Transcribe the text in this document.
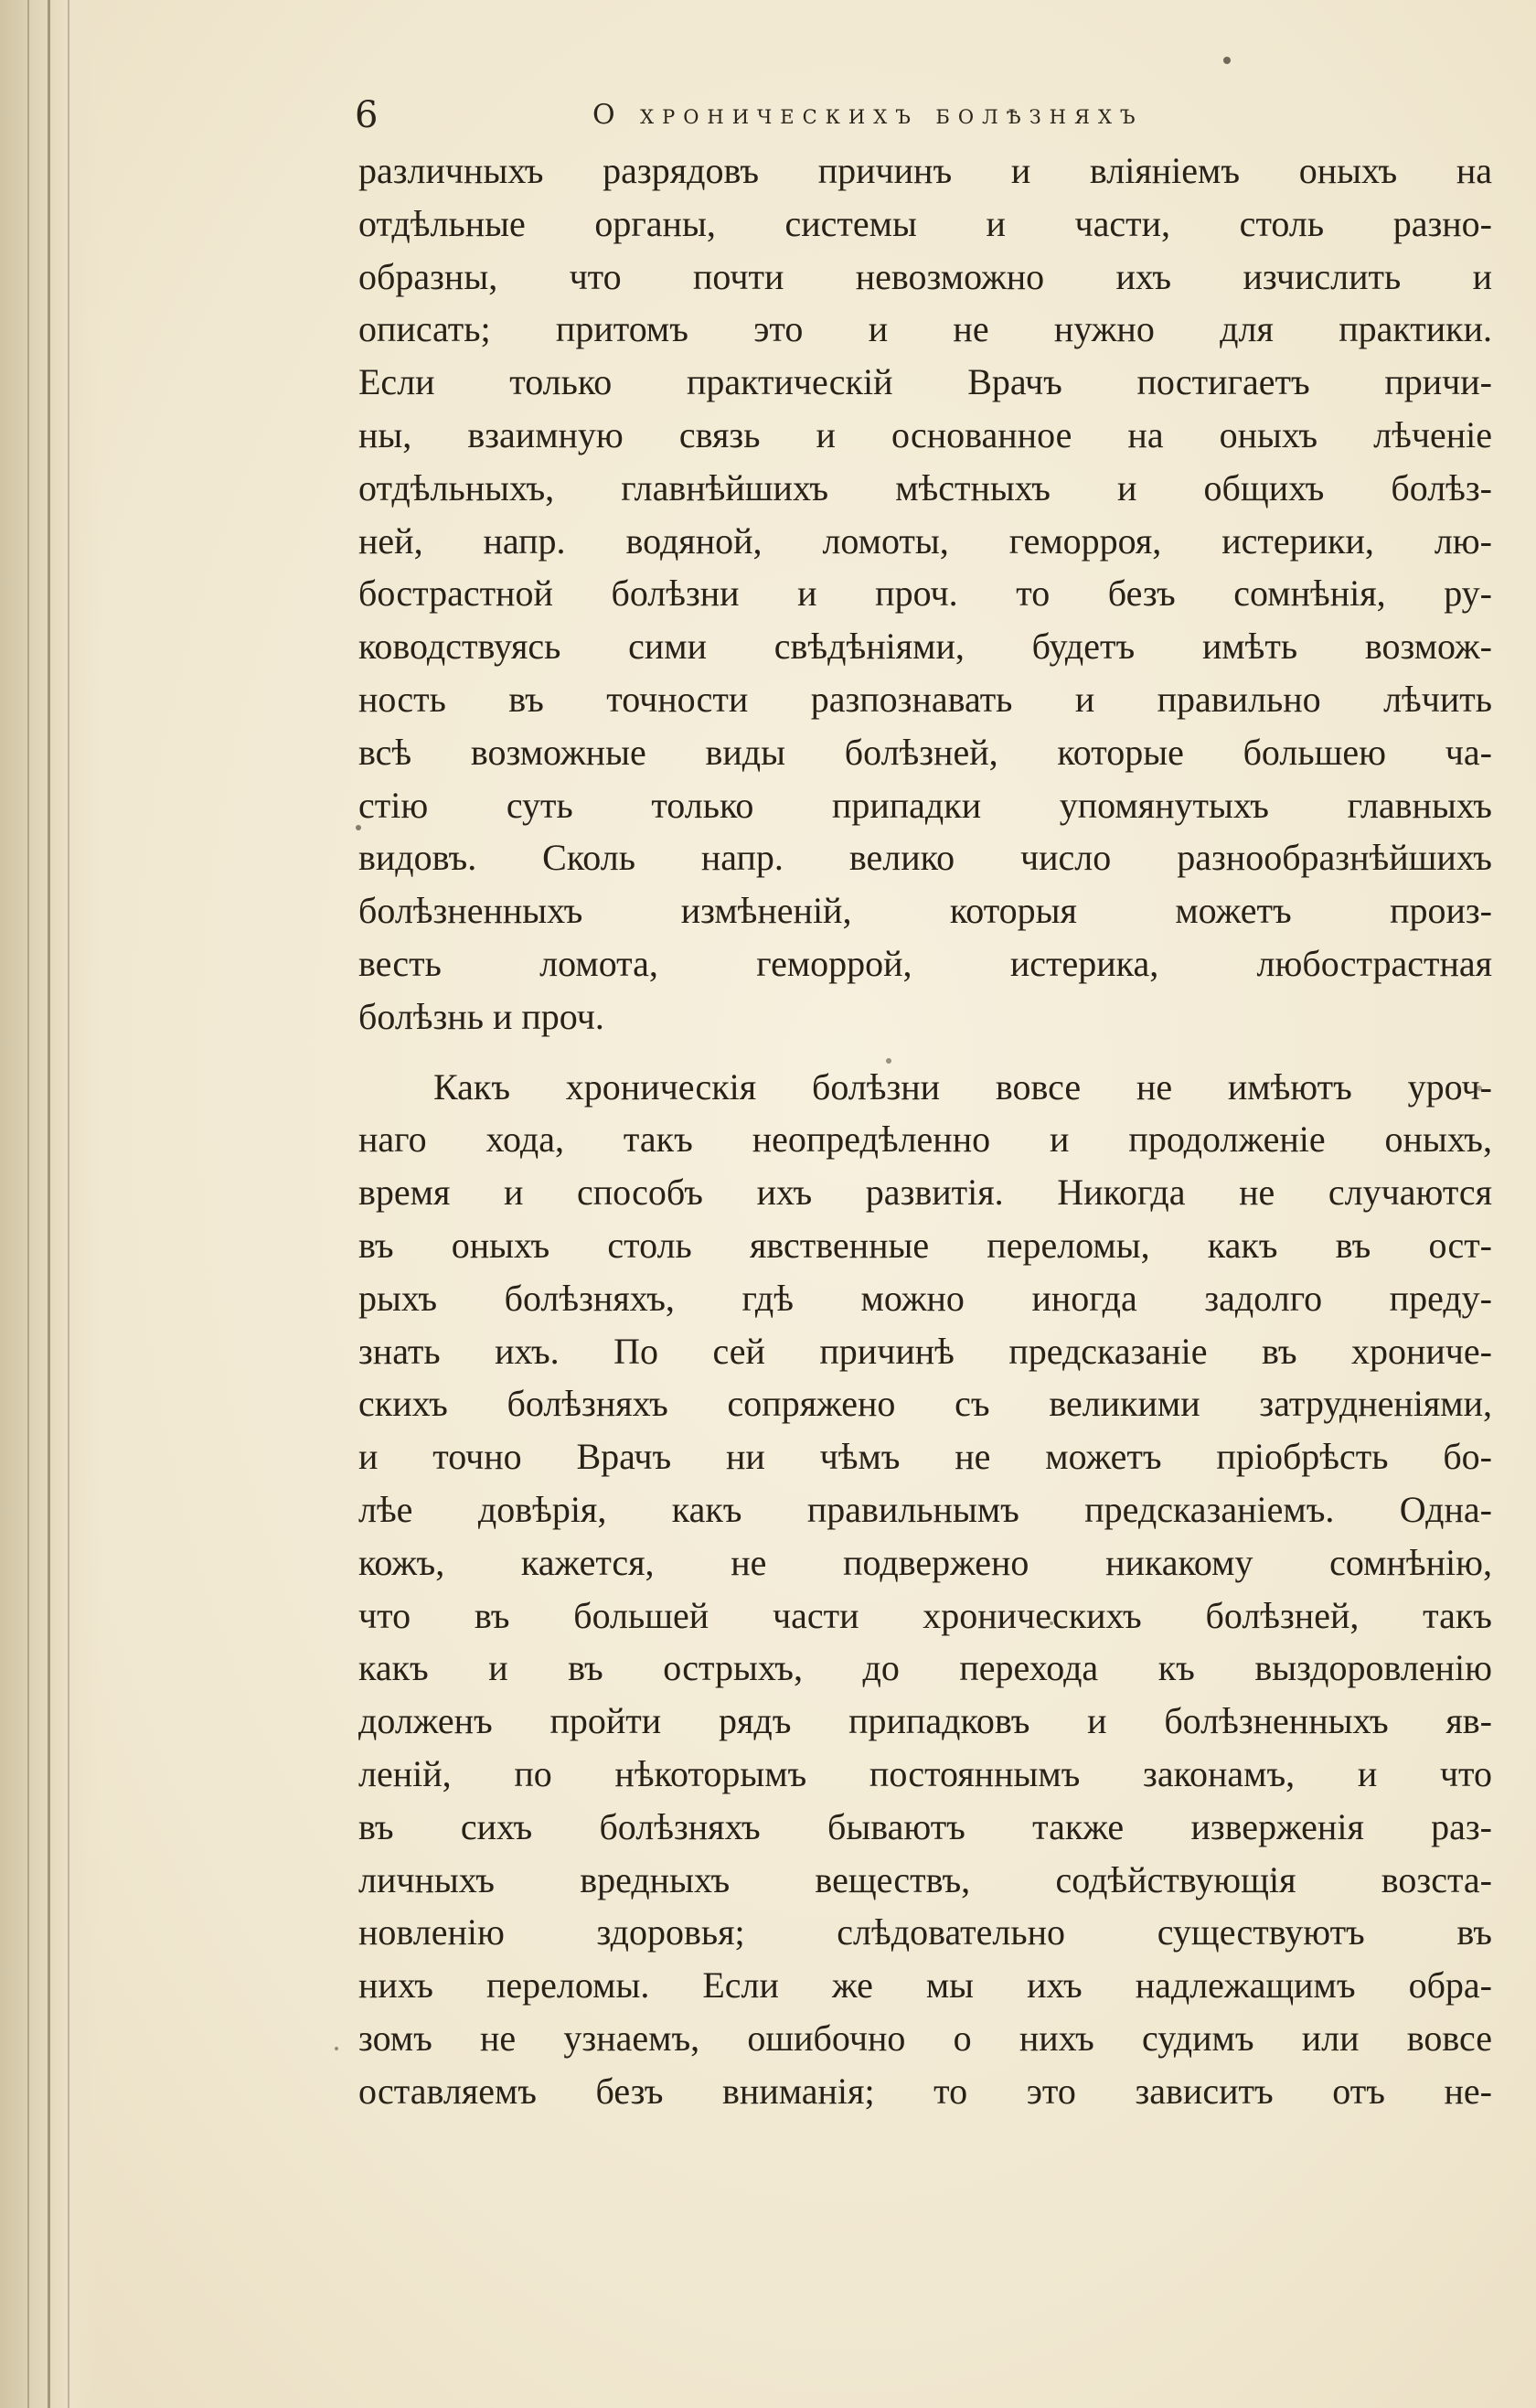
6	О хроническихъ болѣзняхъ

различныхъ разрядовъ причинъ и вліяніемъ оныхъ на
отдѣльные органы, системы и части, столь разно-
образны, что почти невозможно ихъ изчислить и
описать; притомъ это и не нужно для практики.
Если только практическій Врачъ постигаетъ причи-
ны, взаимную связь и основанное на оныхъ лѣченіе
отдѣльныхъ, главнѣйшихъ мѣстныхъ и общихъ болѣз-
ней, напр. водяной, ломоты, геморроя, истерики, лю-
бострастной болѣзни и проч. то безъ сомнѣнія, ру-
ководствуясь сими свѣдѣніями, будетъ имѣть возмож-
ность въ точности разпознавать и правильно лѣчить
всѣ возможные виды болѣзней, которые большею ча-
стію суть только припадки упомянутыхъ главныхъ
видовъ. Сколь напр. велико число разнообразнѣйшихъ
болѣзненныхъ измѣненій, которыя можетъ произ-
весть ломота, геморрой, истерика, любострастная
болѣзнь и проч.

Какъ хроническія болѣзни вовсе не имѣютъ уроч-
наго хода, такъ неопредѣленно и продолженіе оныхъ,
время и способъ ихъ развитія. Никогда не случаются
въ оныхъ столь явственные переломы, какъ въ ост-
рыхъ болѣзняхъ, гдѣ можно иногда задолго преду-
знать ихъ. По сей причинѣ предсказаніе въ хрониче-
скихъ болѣзняхъ сопряжено съ великими затрудненіями,
и точно Врачъ ни чѣмъ не можетъ пріобрѣсть бо-
лѣе довѣрія, какъ правильнымъ предсказаніемъ. Одна-
кожъ, кажется, не подвержено никакому сомнѣнію,
что въ большей части хроническихъ болѣзней, такъ
какъ и въ острыхъ, до перехода къ выздоровленію
долженъ пройти рядъ припадковъ и болѣзненныхъ яв-
леній, по нѣкоторымъ постояннымъ законамъ, и что
въ сихъ болѣзняхъ бываютъ также изверженія раз-
личныхъ вредныхъ веществъ, содѣйствующія возста-
новленію здоровья; слѣдовательно существуютъ въ
нихъ переломы. Если же мы ихъ надлежащимъ обра-
зомъ не узнаемъ, ошибочно о нихъ судимъ или вовсе
оставляемъ безъ вниманія; то это зависитъ отъ не-
